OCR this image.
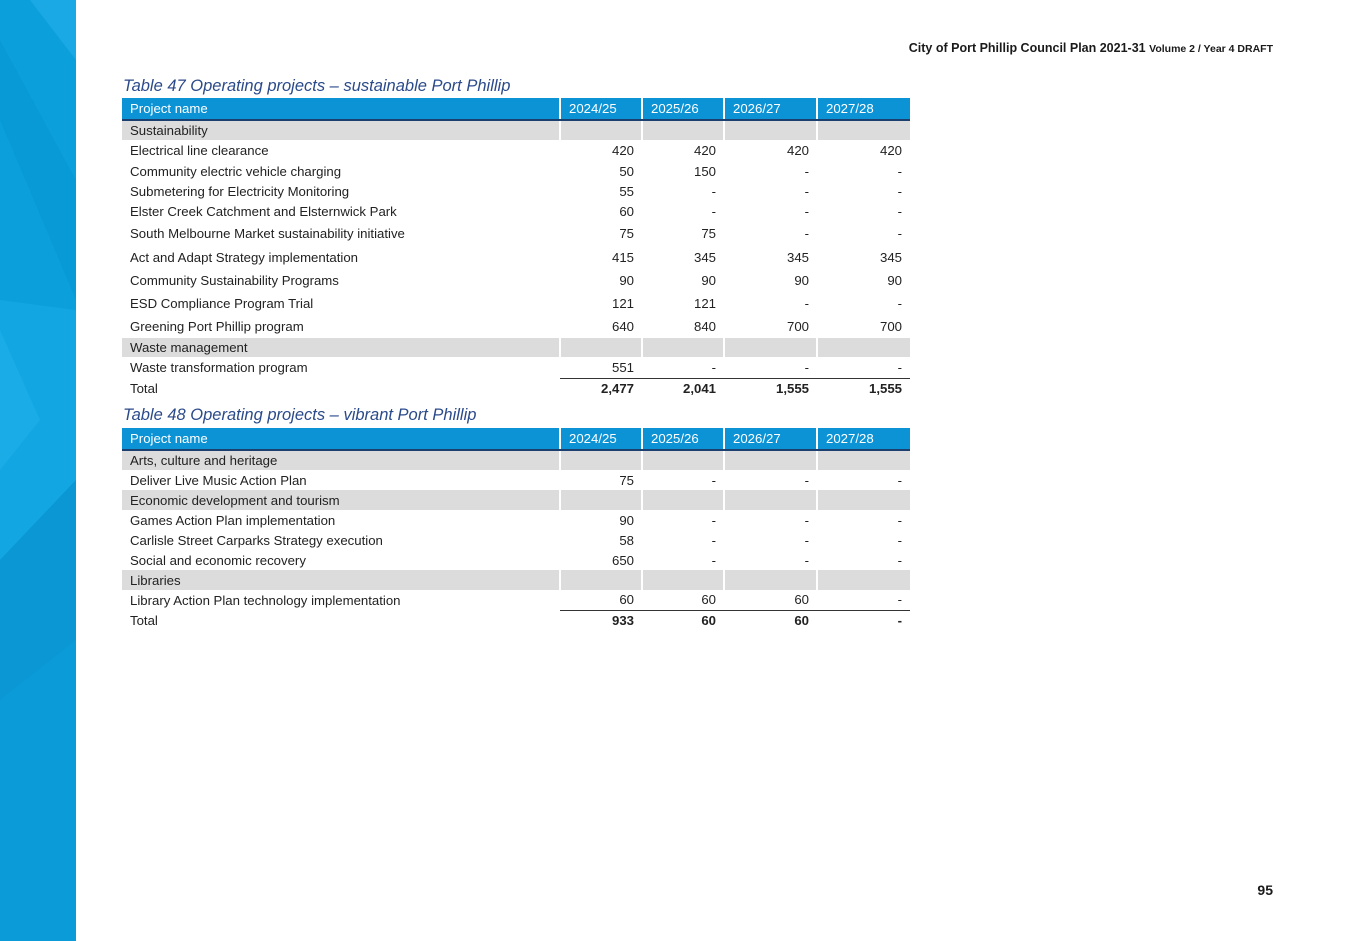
City of Port Phillip Council Plan 2021-31 Volume 2 / Year 4 DRAFT
Table 47 Operating projects – sustainable Port Phillip
Project name	2024/25	2025/26	2026/27	2027/28
Sustainability				
Electrical line clearance	420	420	420	420
Community electric vehicle charging	50	150	-	-
Submetering for Electricity Monitoring	55	-	-	-
Elster Creek Catchment and Elsternwick Park	60	-	-	-
South Melbourne Market sustainability initiative	75	75	-	-
Act and Adapt Strategy implementation	415	345	345	345
Community Sustainability Programs	90	90	90	90
ESD Compliance Program Trial	121	121	-	-
Greening Port Phillip program	640	840	700	700
Waste management				
Waste transformation program	551	-	-	-
Total	2,477	2,041	1,555	1,555
Table 48 Operating projects – vibrant Port Phillip
Project name	2024/25	2025/26	2026/27	2027/28
Arts, culture and heritage				
Deliver Live Music Action Plan	75	-	-	-
Economic development and tourism				
Games Action Plan implementation	90	-	-	-
Carlisle Street Carparks Strategy execution	58	-	-	-
Social and economic recovery	650	-	-	-
Libraries				
Library Action Plan technology implementation	60	60	60	-
Total	933	60	60	-
95
